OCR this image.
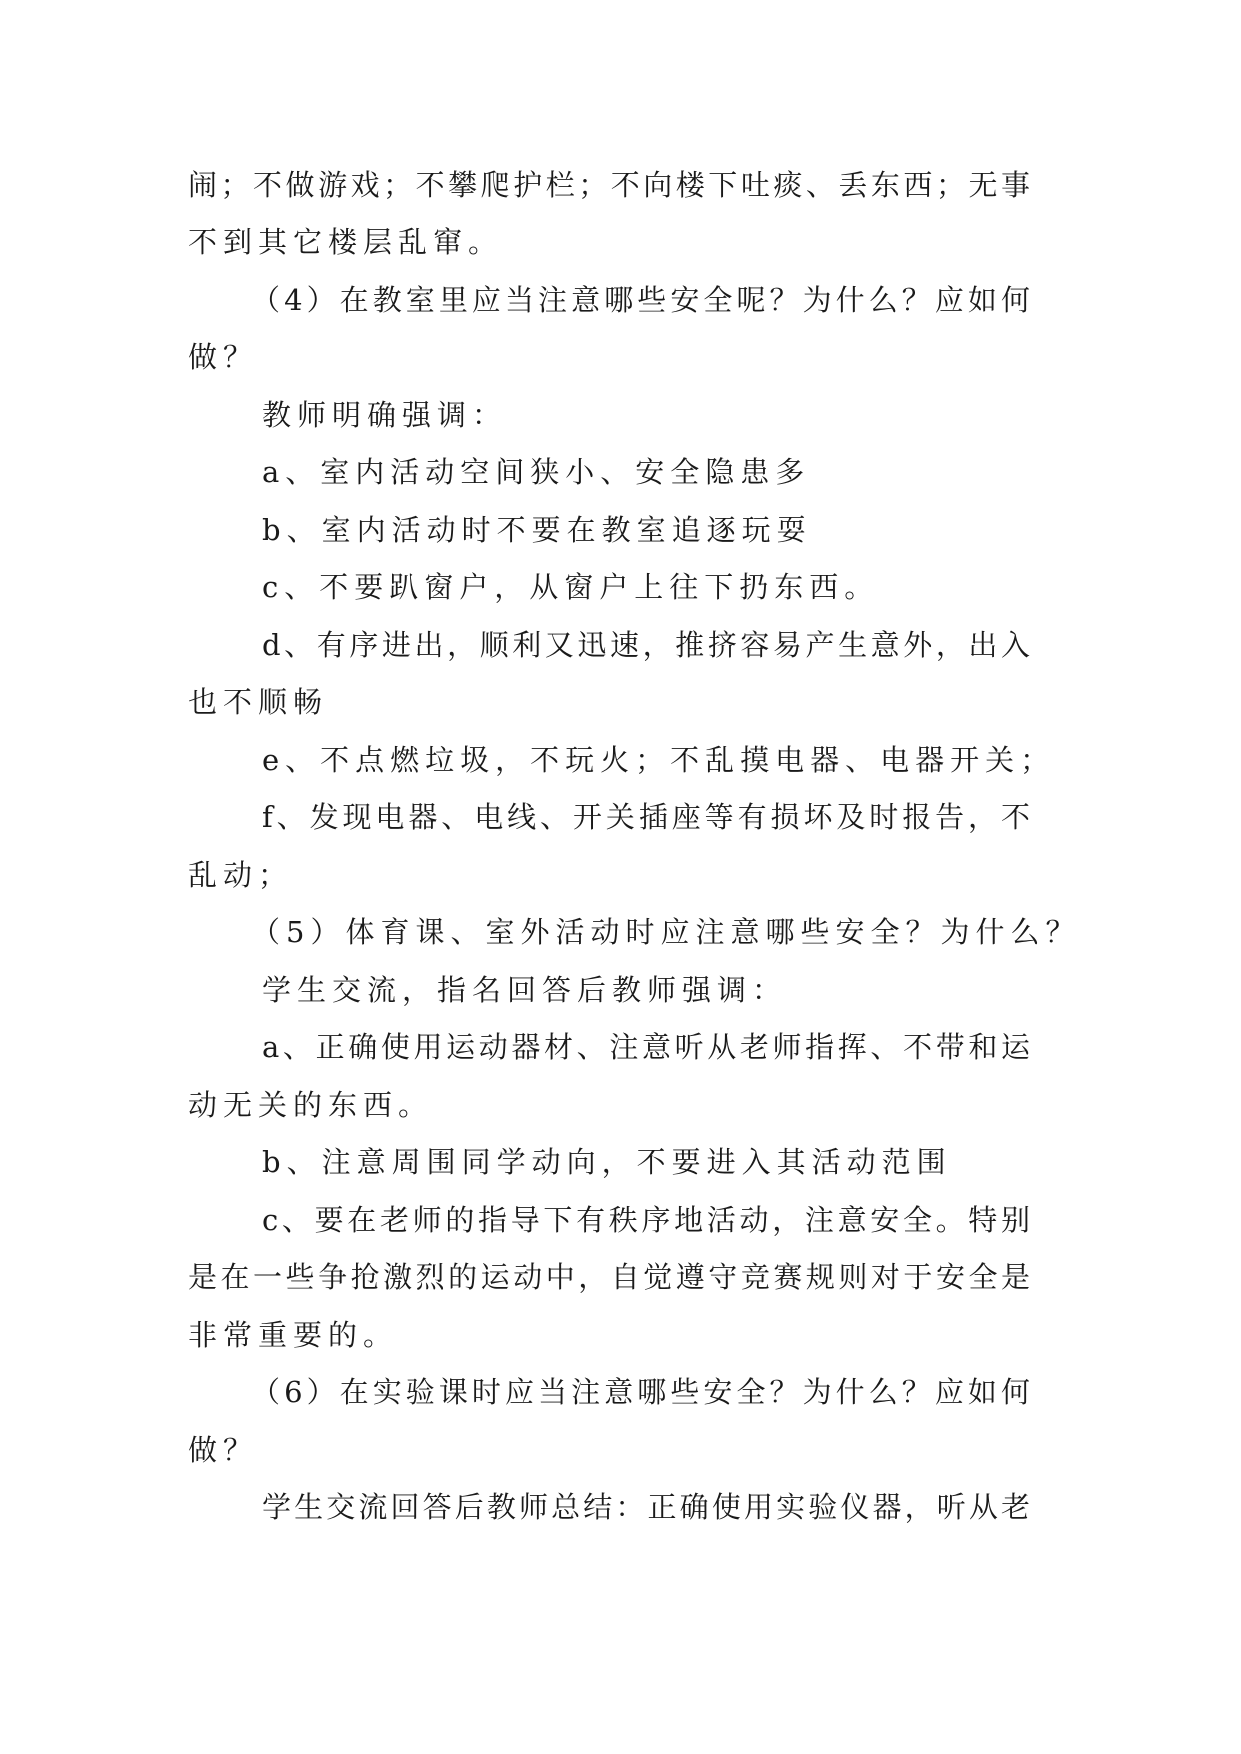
闹；不做游戏；不攀爬护栏；不向楼下吐痰、丢东西；无事

不到其它楼层乱窜。

（4）在教室里应当注意哪些安全呢？为什么？应如何

做？

教师明确强调：

a、室内活动空间狭小、安全隐患多

b、室内活动时不要在教室追逐玩耍

c、不要趴窗户，从窗户上往下扔东西。

d、有序进出，顺利又迅速，推挤容易产生意外，出入

也不顺畅

e、不点燃垃圾，不玩火；不乱摸电器、电器开关；

f、发现电器、电线、开关插座等有损坏及时报告，不

乱动；

（5）体育课、室外活动时应注意哪些安全？为什么？

学生交流，指名回答后教师强调：

a、正确使用运动器材、注意听从老师指挥、不带和运

动无关的东西。

b、注意周围同学动向，不要进入其活动范围

c、要在老师的指导下有秩序地活动，注意安全。特别

是在一些争抢激烈的运动中，自觉遵守竞赛规则对于安全是

非常重要的。

（6）在实验课时应当注意哪些安全？为什么？应如何

做？

学生交流回答后教师总结：正确使用实验仪器，听从老
